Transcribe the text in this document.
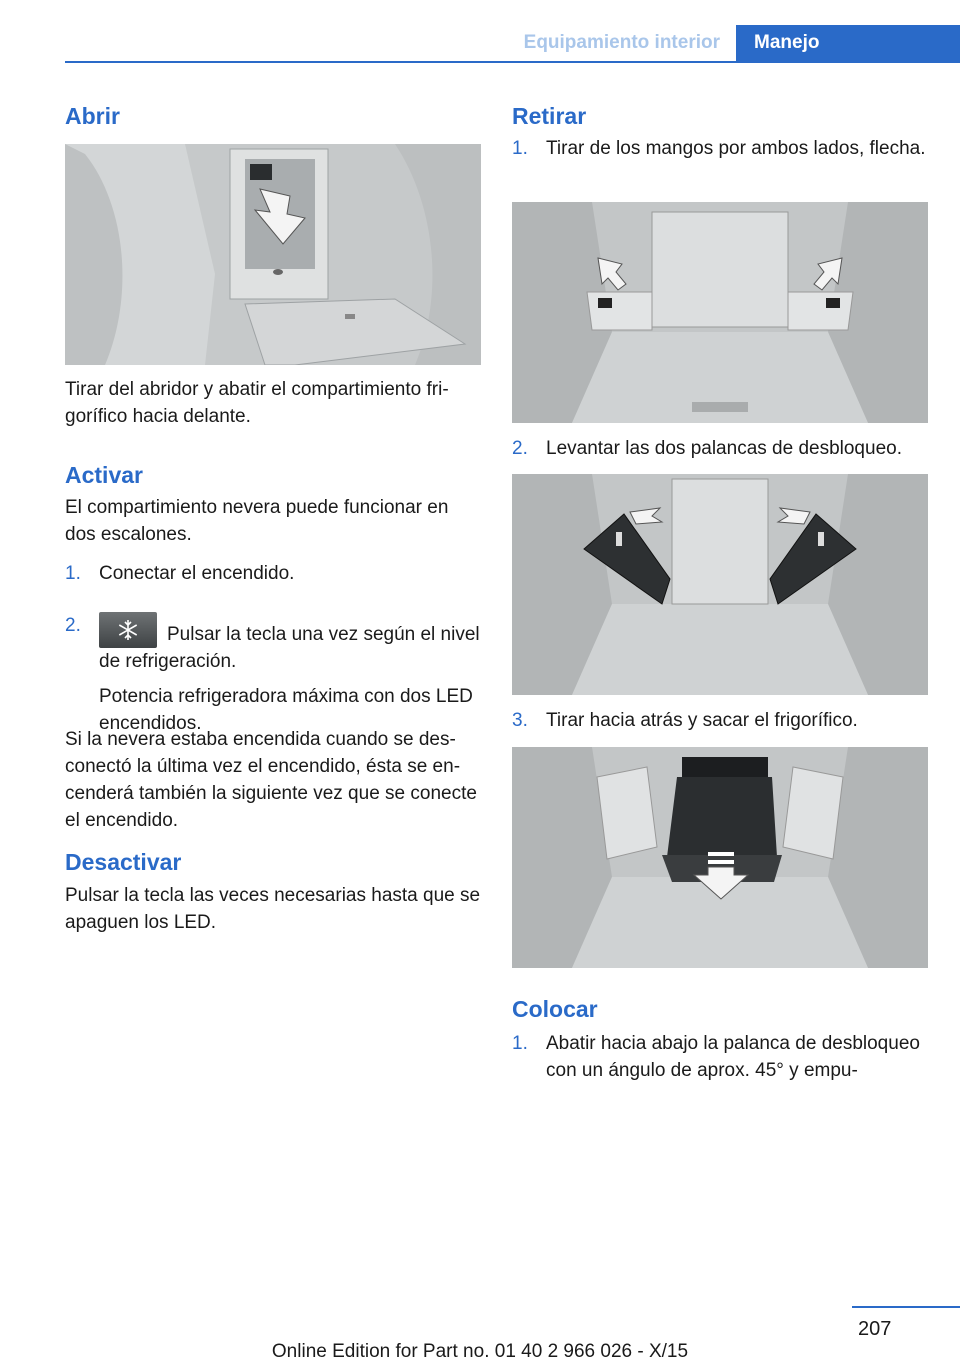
Equipamiento interior	Manejo
Abrir

Tirar del abridor y abatir el compartimiento frigorífico hacia delante.

Activar

El compartimiento nevera puede funcionar en dos escalones.

1. Conectar el encendido.
2.	Pulsar la tecla una vez según el nivel de refrigeración.

Potencia refrigeradora máxima con dos LED encendidos.

Si la nevera estaba encendida cuando se desconectó la última vez el encendido, ésta se encenderá también la siguiente vez que se conecte el encendido.

Desactivar

Pulsar la tecla las veces necesarias hasta que se apaguen los LED.

Retirar
1. Tirar de los mangos por ambos lados, flecha.
2. Levantar las dos palancas de desbloqueo.
3. Tirar hacia atrás y sacar el frigorífico.
Colocar
1. Abatir hacia abajo la palanca de desbloqueo con un ángulo de aprox. 45° y empu-
207
Online Edition for Part no. 01 40 2 966 026 - X/15
